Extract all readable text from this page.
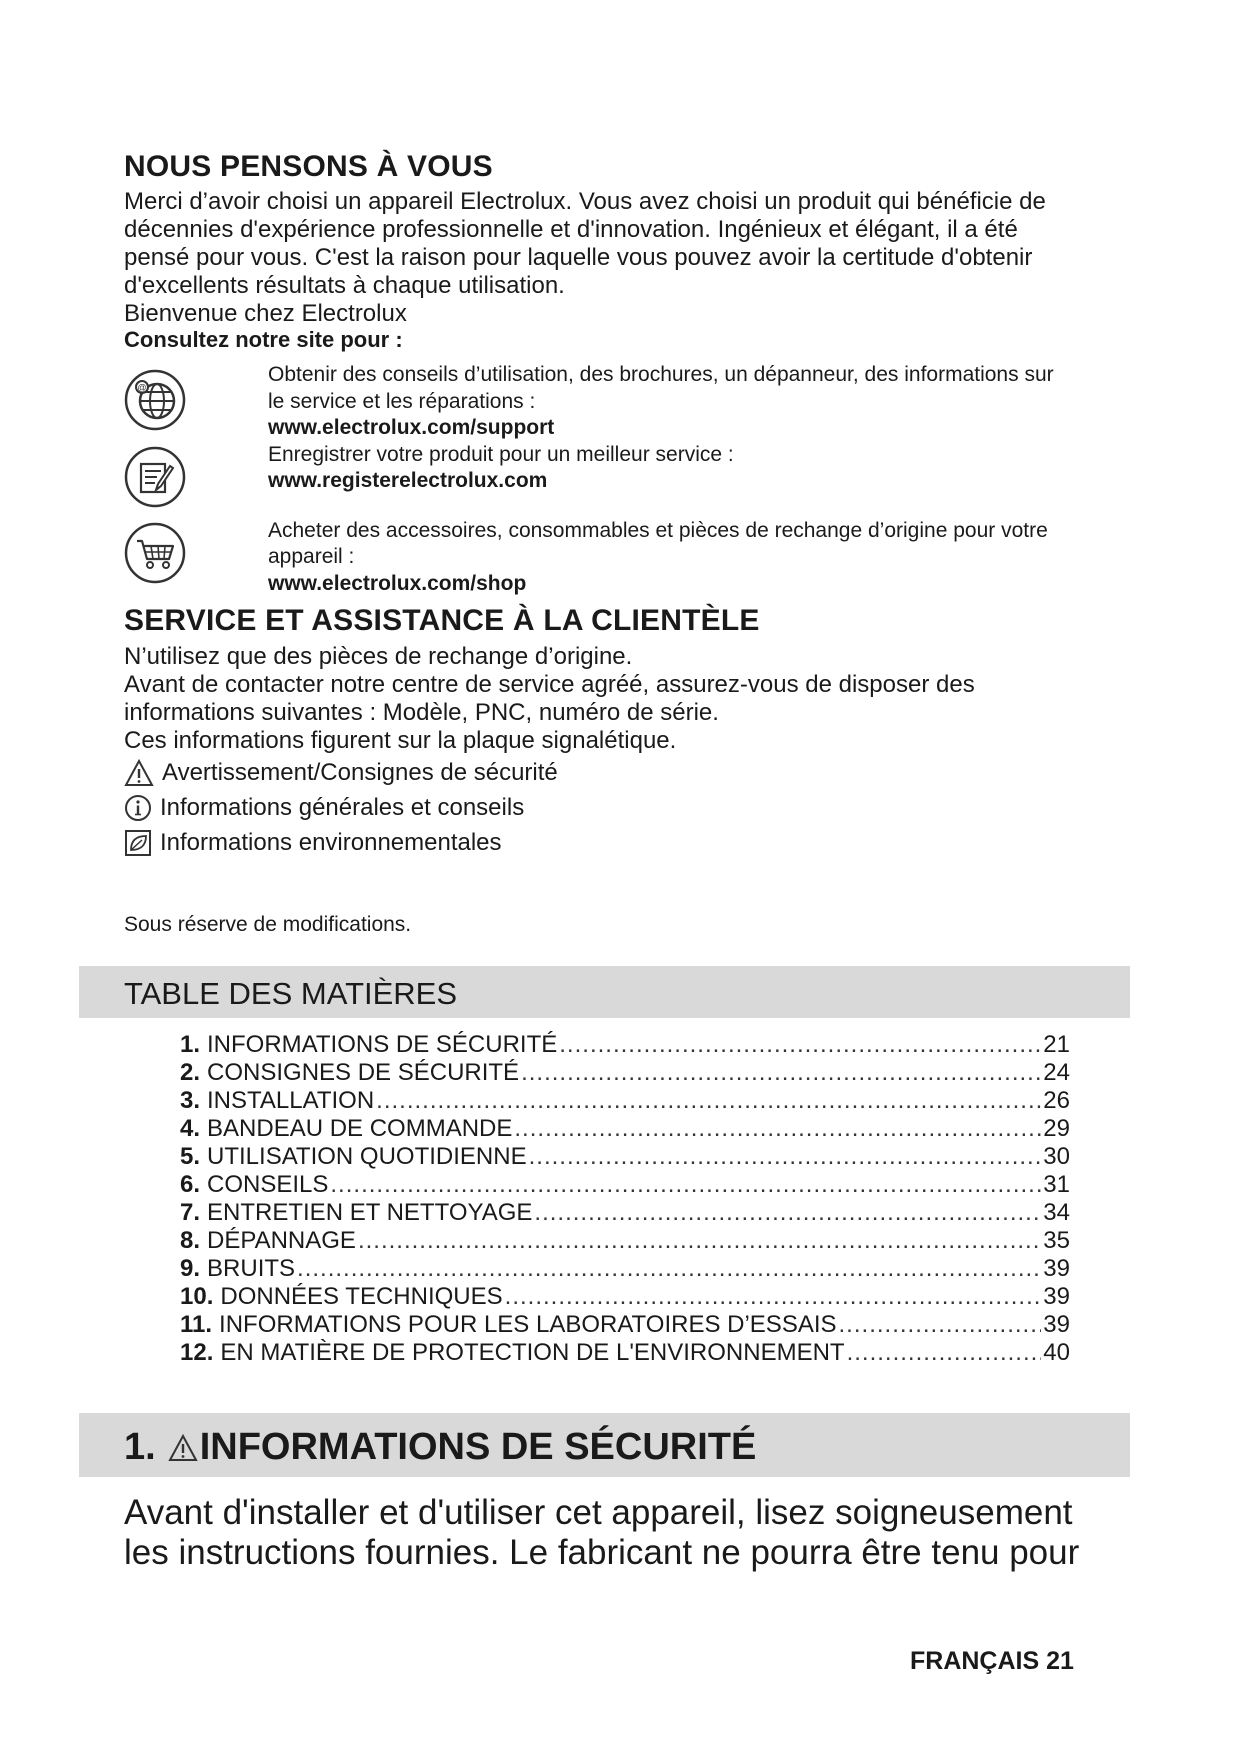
NOUS PENSONS À VOUS
Merci d’avoir choisi un appareil Electrolux. Vous avez choisi un produit qui bénéficie de
décennies d'expérience professionnelle et d'innovation. Ingénieux et élégant, il a été
pensé pour vous. C'est la raison pour laquelle vous pouvez avoir la certitude d'obtenir
d'excellents résultats à chaque utilisation.
Bienvenue chez Electrolux
Consultez notre site pour :
@
Obtenir des conseils d’utilisation, des brochures, un dépanneur, des informations sur
le service et les réparations :
www.electrolux.com/support
Enregistrer votre produit pour un meilleur service :
www.registerelectrolux.com
Acheter des accessoires, consommables et pièces de rechange d’origine pour votre
appareil :
www.electrolux.com/shop
SERVICE ET ASSISTANCE À LA CLIENTÈLE
N’utilisez que des pièces de rechange d’origine.
Avant de contacter notre centre de service agréé, assurez-vous de disposer des
informations suivantes : Modèle, PNC, numéro de série.
Ces informations figurent sur la plaque signalétique.
Avertissement/Consignes de sécurité
Informations générales et conseils
Informations environnementales
Sous réserve de modifications.
TABLE DES MATIÈRES
1. INFORMATIONS DE SÉCURITÉ .....	21
2. CONSIGNES DE SÉCURITÉ .....	24
3. INSTALLATION .....	26
4. BANDEAU DE COMMANDE .....	29
5. UTILISATION QUOTIDIENNE .....	30
6. CONSEILS .....	31
7. ENTRETIEN ET NETTOYAGE .....	34
8. DÉPANNAGE .....	35
9. BRUITS .....	39
10. DONNÉES TECHNIQUES .....	39
11. INFORMATIONS POUR LES LABORATOIRES D’ESSAIS .....	39
12. EN MATIÈRE DE PROTECTION DE L'ENVIRONNEMENT .....	40
1. INFORMATIONS DE SÉCURITÉ
Avant d'installer et d'utiliser cet appareil, lisez soigneusement
les instructions fournies. Le fabricant ne pourra être tenu pour
FRANÇAIS 21
